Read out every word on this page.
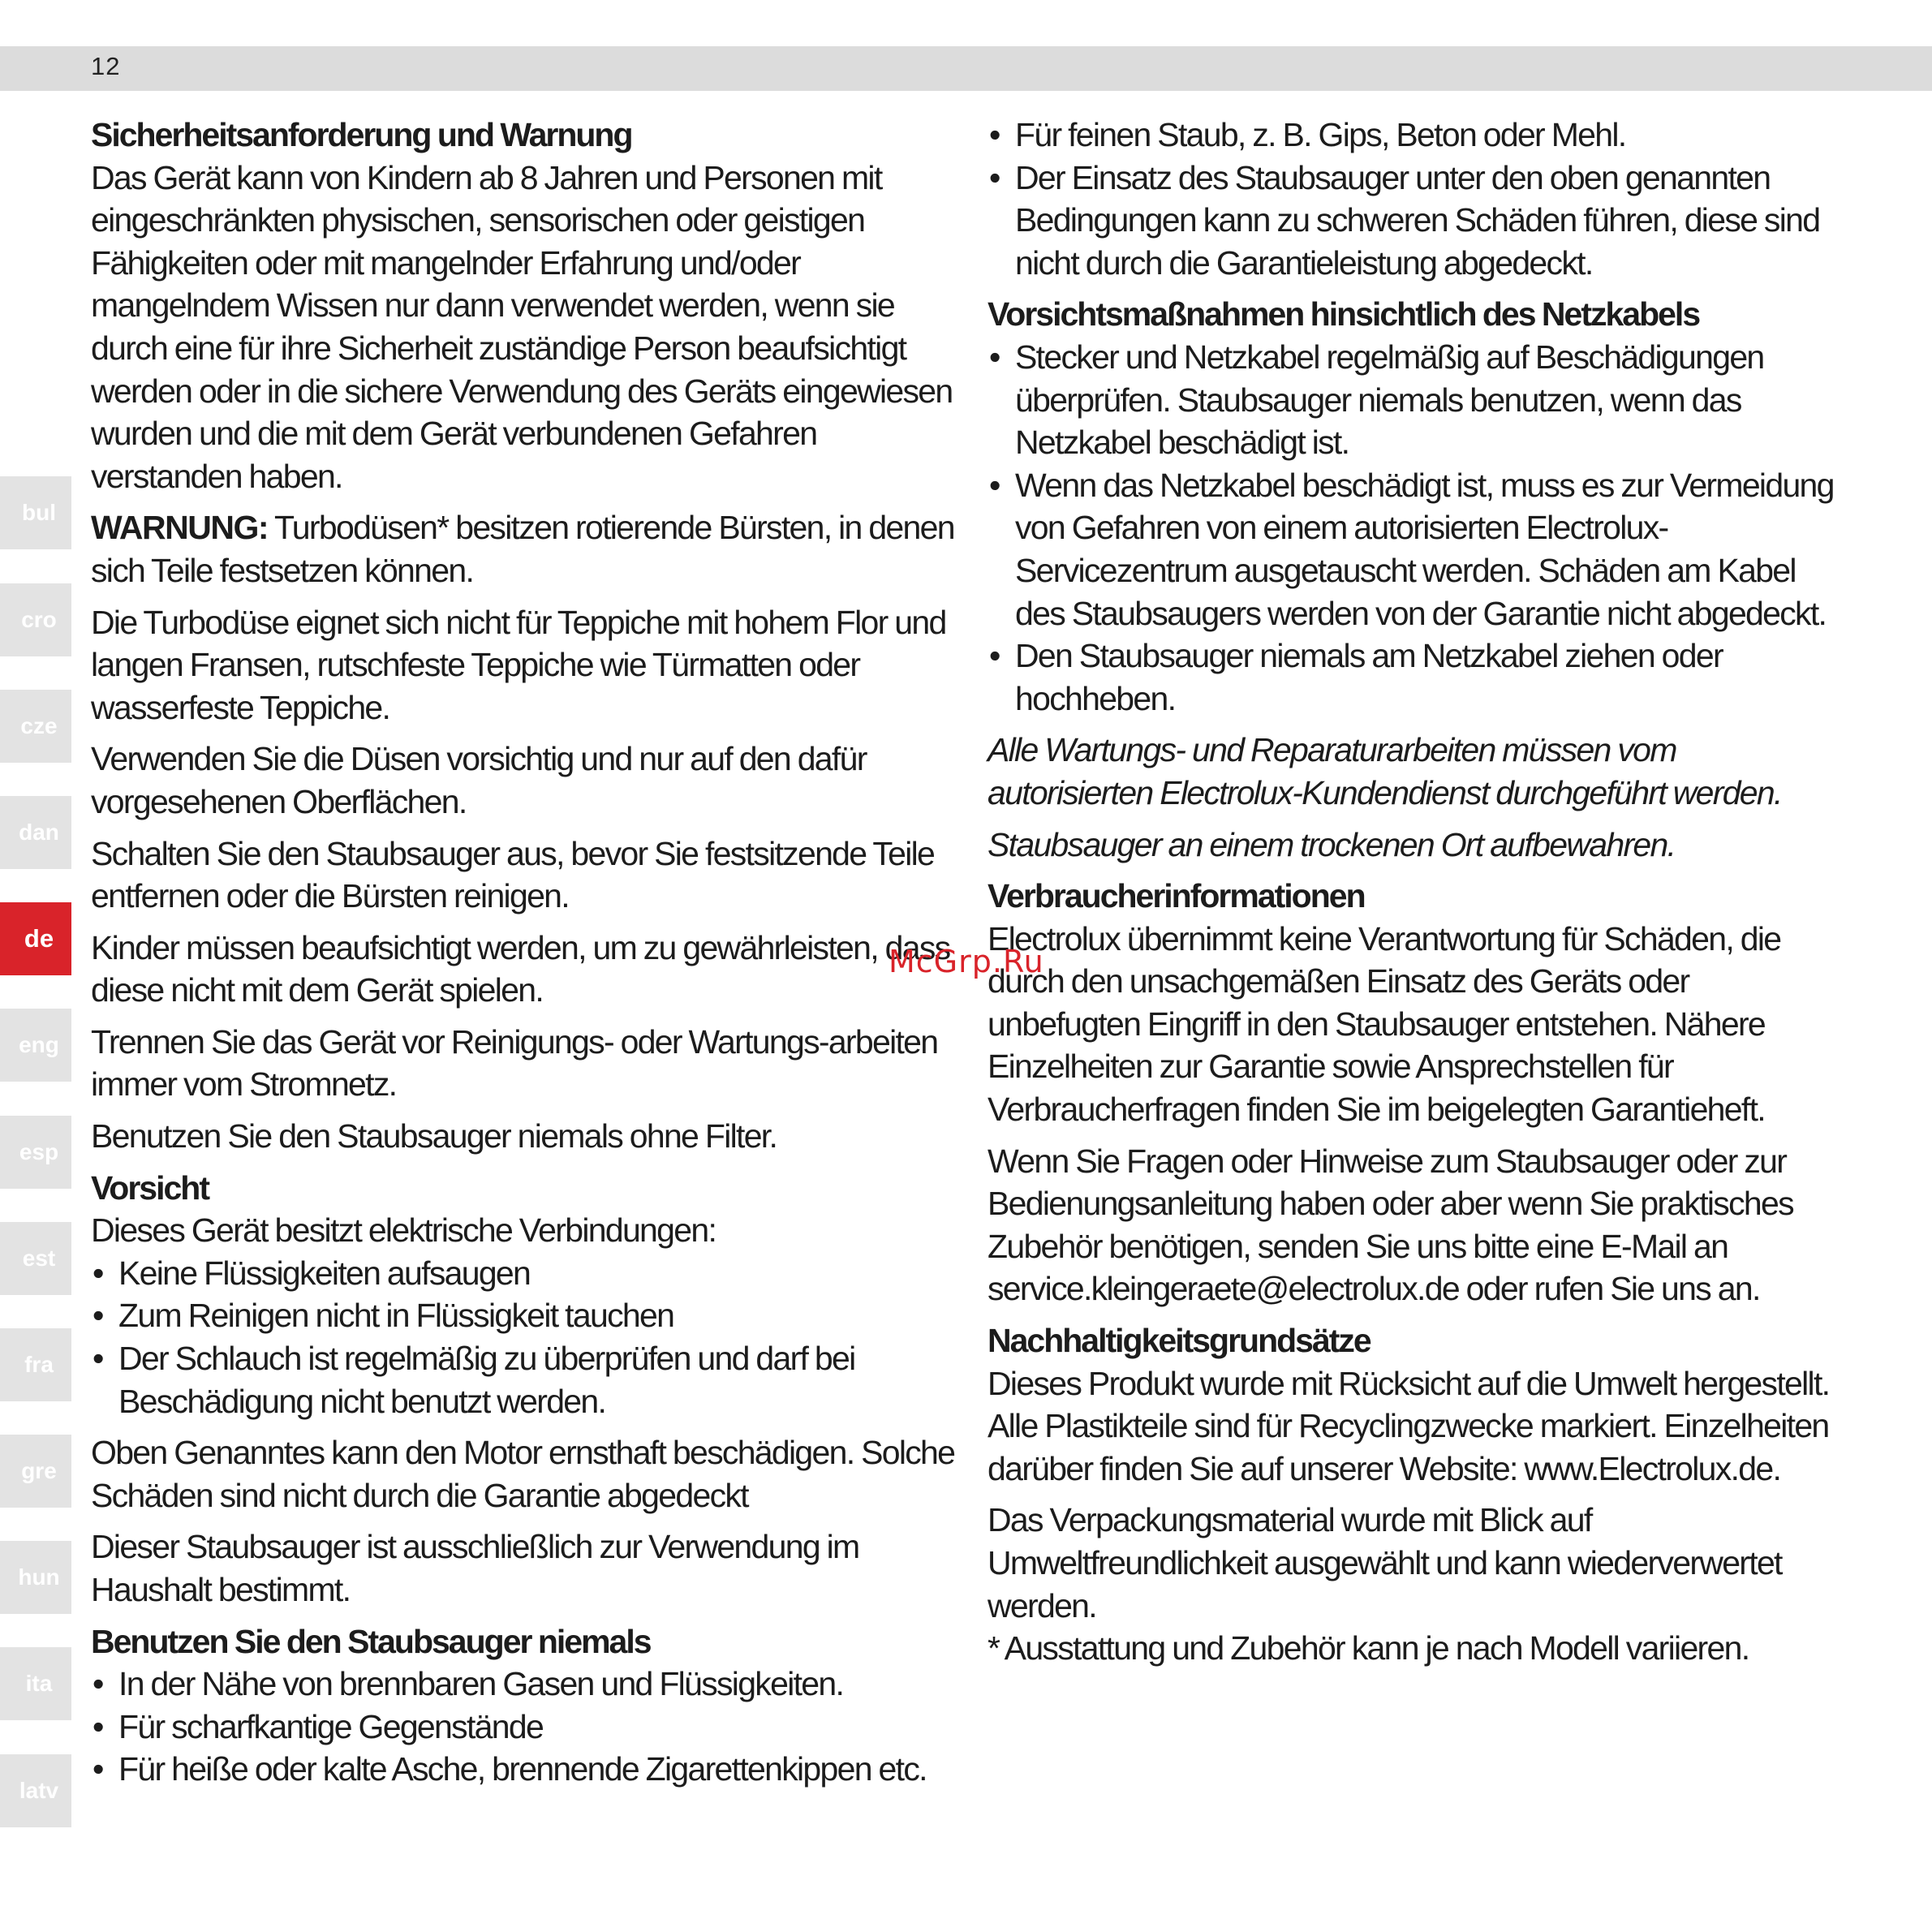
12
bul
cro
cze
dan
de
eng
esp
est
fra
gre
hun
ita
latv
Sicherheitsanforderung und Warnung

Das Gerät kann von Kindern ab 8 Jahren und Personen mit eingeschränkten physischen, sensorischen oder geistigen Fähigkeiten oder mit mangelnder Erfahrung und/oder mangelndem Wissen nur dann verwendet werden, wenn sie durch eine für ihre Sicherheit zuständige Person beaufsichtigt werden oder in die sichere Verwendung des Geräts eingewiesen wurden und die mit dem Gerät verbundenen Gefahren verstanden haben.

WARNUNG: Turbodüsen* besitzen rotierende Bürsten, in denen sich Teile festsetzen können.

Die Turbodüse eignet sich nicht für Teppiche mit hohem Flor und langen Fransen, rutschfeste Teppiche wie Türmatten oder wasserfeste Teppiche.

Verwenden Sie die Düsen vorsichtig und nur auf den dafür vorgesehenen Oberflächen.

Schalten Sie den Staubsauger aus, bevor Sie festsitzende Teile entfernen oder die Bürsten reinigen.

Kinder müssen beaufsichtigt werden, um zu gewährleisten, dass diese nicht mit dem Gerät spielen.

Trennen Sie das Gerät vor Reinigungs- oder Wartungs-arbeiten immer vom Stromnetz.

Benutzen Sie den Staubsauger niemals ohne Filter.

Vorsicht

Dieses Gerät besitzt elektrische Verbindungen:

• Keine Flüssigkeiten aufsaugen
• Zum Reinigen nicht in Flüssigkeit tauchen
• Der Schlauch ist regelmäßig zu überprüfen und darf bei Beschädigung nicht benutzt werden.

Oben Genanntes kann den Motor ernsthaft beschädigen. Solche Schäden sind nicht durch die Garantie abgedeckt

Dieser Staubsauger ist ausschließlich zur Verwendung im Haushalt bestimmt.

Benutzen Sie den Staubsauger niemals
• In der Nähe von brennbaren Gasen und Flüssigkeiten.
• Für scharfkantige Gegenstände
• Für heiße oder kalte Asche, brennende Zigarettenkippen etc.
• Für feinen Staub, z. B. Gips, Beton oder Mehl.
• Der Einsatz des Staubsauger unter den oben genannten Bedingungen kann zu schweren Schäden führen, diese sind nicht durch die Garantieleistung abgedeckt.
Vorsichtsmaßnahmen hinsichtlich des Netzkabels
• Stecker und Netzkabel regelmäßig auf Beschädigungen überprüfen. Staubsauger niemals benutzen, wenn das Netzkabel beschädigt ist.
• Wenn das Netzkabel beschädigt ist, muss es zur Vermeidung von Gefahren von einem autorisierten Electrolux-Servicezentrum ausgetauscht werden. Schäden am Kabel des Staubsaugers werden von der Garantie nicht abgedeckt.
• Den Staubsauger niemals am Netzkabel ziehen oder hochheben.

Alle Wartungs- und Reparaturarbeiten müssen vom autorisierten Electrolux-Kundendienst durchgeführt werden.

Staubsauger an einem trockenen Ort aufbewahren.

Verbraucherinformationen

Electrolux übernimmt keine Verantwortung für Schäden, die durch den unsachgemäßen Einsatz des Geräts oder unbefugten Eingriff in den Staubsauger entstehen. Nähere Einzelheiten zur Garantie sowie Ansprechstellen für Verbraucherfragen finden Sie im beigelegten Garantieheft.

Wenn Sie Fragen oder Hinweise zum Staubsauger oder zur Bedienungsanleitung haben oder aber wenn Sie praktisches Zubehör benötigen, senden Sie uns bitte eine E-Mail an service.kleingeraete@electrolux.de oder rufen Sie uns an.

Nachhaltigkeitsgrundsätze

Dieses Produkt wurde mit Rücksicht auf die Umwelt hergestellt. Alle Plastikteile sind für Recyclingzwecke markiert. Einzelheiten darüber finden Sie auf unserer Website: www.Electrolux.de.

Das Verpackungsmaterial wurde mit Blick auf Umweltfreundlichkeit ausgewählt und kann wiederverwertet werden.

* Ausstattung und Zubehör kann je nach Modell variieren.

McGrp.Ru
